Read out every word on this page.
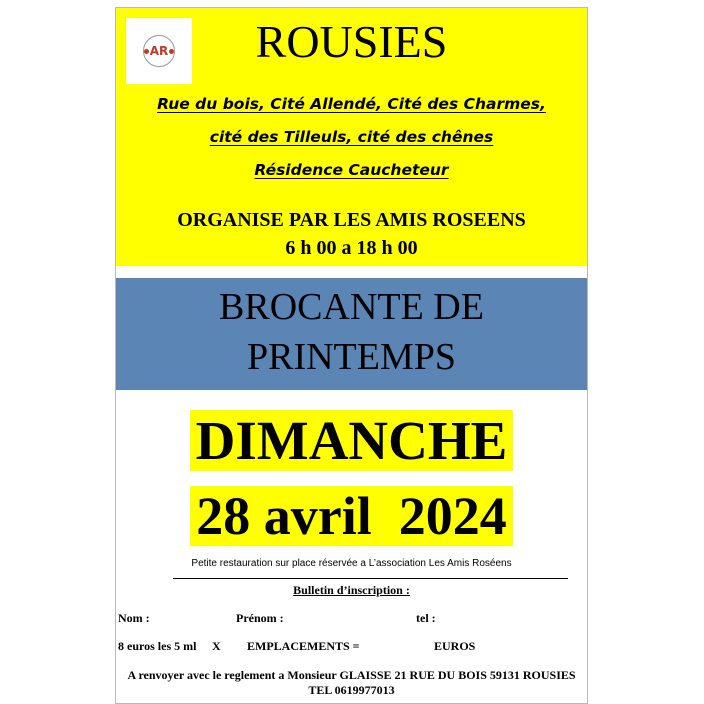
AR	ROUSIES
Rue du bois, Cité Allendé, Cité des Charmes,
cité des Tilleuls, cité des chênes
Résidence Caucheteur
ORGANISE PAR LES AMIS ROSEENS
6 h 00 a 18 h 00
BROCANTE DE
PRINTEMPS
DIMANCHE
28 avril  2024
Petite restauration sur place réservée a L’association Les Amis Roséens
Bulletin d’inscription :
Nom :	Prénom :	tel :
8 euros les 5 ml X EMPLACEMENTS =	EUROS
A renvoyer avec le reglement a Monsieur GLAISSE 21 RUE DU BOIS 59131 ROUSIES
TEL 0619977013
